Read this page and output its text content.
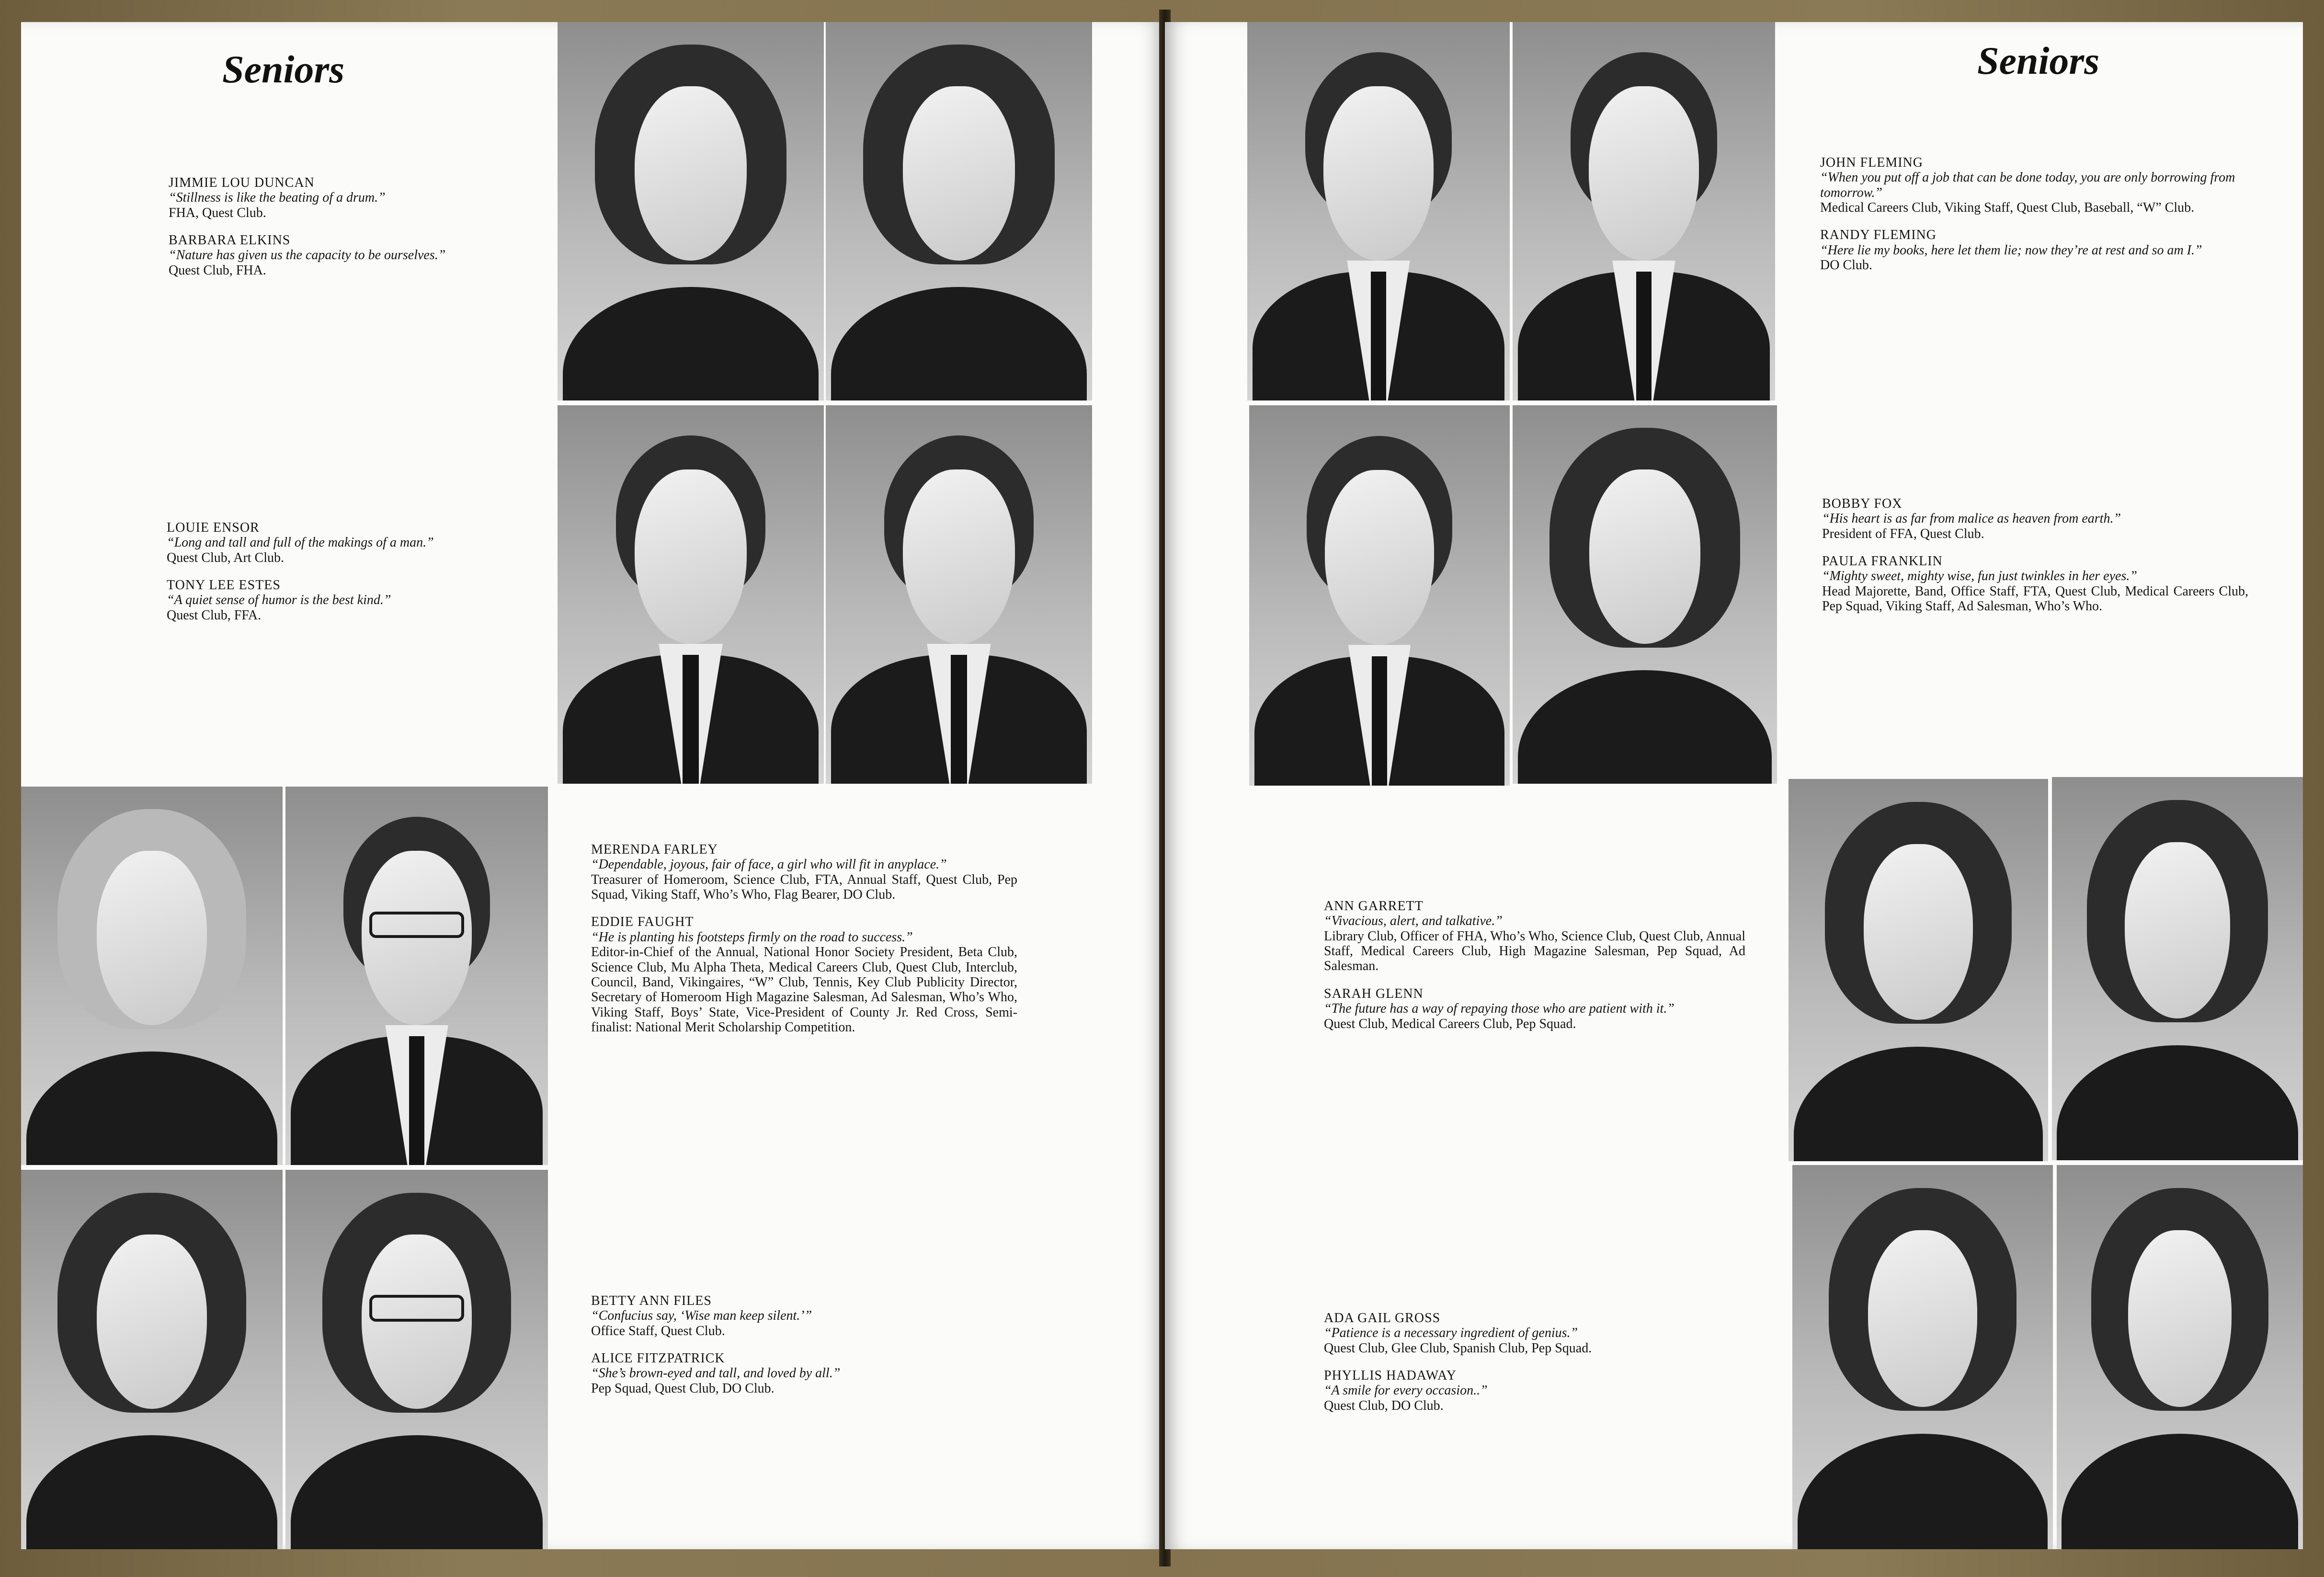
Seniors
JIMMIE LOU DUNCAN
“Stillness is like the beating of a drum.”
FHA, Quest Club.
BARBARA ELKINS
“Nature has given us the capacity to be ourselves.”
Quest Club, FHA.
LOUIE ENSOR
“Long and tall and full of the makings of a man.”
Quest Club, Art Club.
TONY LEE ESTES
“A quiet sense of humor is the best kind.”
Quest Club, FFA.
MERENDA FARLEY
“Dependable, joyous, fair of face, a girl who will fit in anyplace.”
Treasurer of Homeroom, Science Club, FTA, Annual Staff, Quest Club, Pep Squad, Viking Staff, Who’s Who, Flag Bearer, DO Club.
EDDIE FAUGHT
“He is planting his footsteps firmly on the road to success.”
Editor-in-Chief of the Annual, National Honor Society President, Beta Club, Science Club, Mu Alpha Theta, Medical Careers Club, Quest Club, Interclub, Council, Band, Vikingaires, “W” Club, Tennis, Key Club Publicity Director, Secretary of Homeroom High Magazine Salesman, Ad Salesman, Who’s Who, Viking Staff, Boys’ State, Vice-President of County Jr. Red Cross, Semi-finalist: National Merit Scholarship Competition.
BETTY ANN FILES
“Confucius say, ‘Wise man keep silent.’”
Office Staff, Quest Club.
ALICE FITZPATRICK
“She’s brown-eyed and tall, and loved by all.”
Pep Squad, Quest Club, DO Club.
Seniors
JOHN FLEMING
“When you put off a job that can be done today, you are only borrowing from tomorrow.”
Medical Careers Club, Viking Staff, Quest Club, Baseball, “W” Club.
RANDY FLEMING
“Here lie my books, here let them lie; now they’re at rest and so am I.”
DO Club.
BOBBY FOX
“His heart is as far from malice as heaven from earth.”
President of FFA, Quest Club.
PAULA FRANKLIN
“Mighty sweet, mighty wise, fun just twinkles in her eyes.”
Head Majorette, Band, Office Staff, FTA, Quest Club, Medical Careers Club, Pep Squad, Viking Staff, Ad Salesman, Who’s Who.
ANN GARRETT
“Vivacious, alert, and talkative.”
Library Club, Officer of FHA, Who’s Who, Science Club, Quest Club, Annual Staff, Medical Careers Club, High Magazine Salesman, Pep Squad, Ad Salesman.
SARAH GLENN
“The future has a way of repaying those who are patient with it.”
Quest Club, Medical Careers Club, Pep Squad.
ADA GAIL GROSS
“Patience is a necessary ingredient of genius.”
Quest Club, Glee Club, Spanish Club, Pep Squad.
PHYLLIS HADAWAY
“A smile for every occasion..”
Quest Club, DO Club.
